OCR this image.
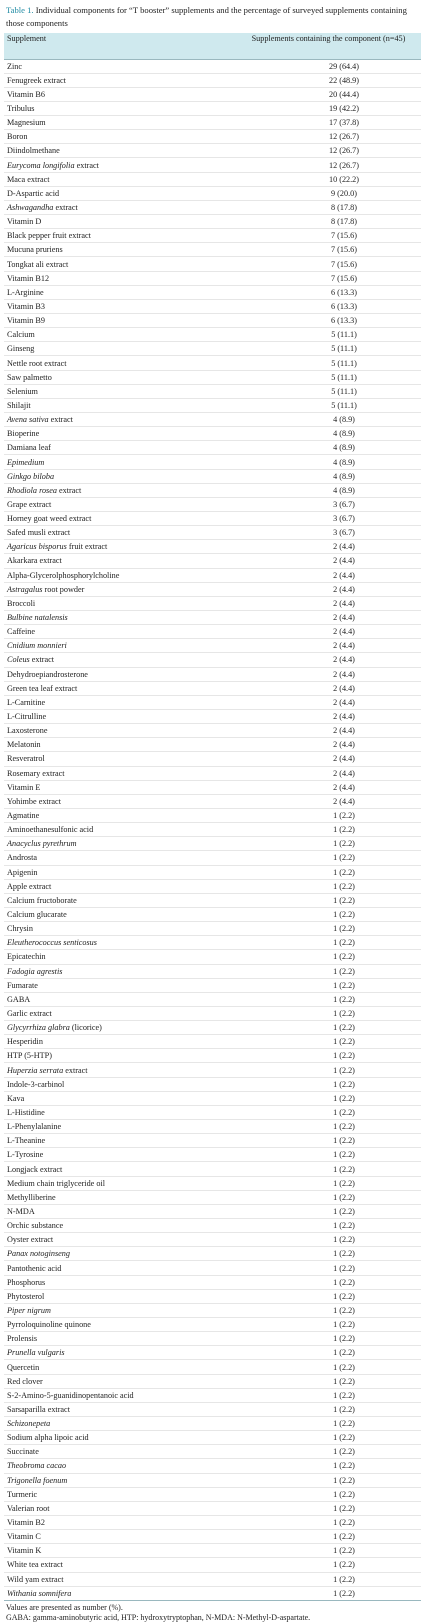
Table 1. Individual components for “T booster” supplements and the percentage of surveyed supplements containing those components

Supplement	Supplements containing the component (n=45)
Zinc	29 (64.4)
Fenugreek extract	22 (48.9)
Vitamin B6	20 (44.4)
Tribulus	19 (42.2)
Magnesium	17 (37.8)
Boron	12 (26.7)
Diindolmethane	12 (26.7)
Eurycoma longifolia extract	12 (26.7)
Maca extract	10 (22.2)
D-Aspartic acid	9 (20.0)
Ashwagandha extract	8 (17.8)
Vitamin D	8 (17.8)
Black pepper fruit extract	7 (15.6)
Mucuna pruriens	7 (15.6)
Tongkat ali extract	7 (15.6)
Vitamin B12	7 (15.6)
L-Arginine	6 (13.3)
Vitamin B3	6 (13.3)
Vitamin B9	6 (13.3)
Calcium	5 (11.1)
Ginseng	5 (11.1)
Nettle root extract	5 (11.1)
Saw palmetto	5 (11.1)
Selenium	5 (11.1)
Shilajit	5 (11.1)
Avena sativa extract	4 (8.9)
Bioperine	4 (8.9)
Damiana leaf	4 (8.9)
Epimedium	4 (8.9)
Ginkgo biloba	4 (8.9)
Rhodiola rosea extract	4 (8.9)
Grape extract	3 (6.7)
Horney goat weed extract	3 (6.7)
Safed musli extract	3 (6.7)
Agaricus bisporus fruit extract	2 (4.4)
Akarkara extract	2 (4.4)
Alpha-Glycerolphosphorylcholine	2 (4.4)
Astragalus root powder	2 (4.4)
Broccoli	2 (4.4)
Bulbine natalensis	2 (4.4)
Caffeine	2 (4.4)
Cnidium monnieri	2 (4.4)
Coleus extract	2 (4.4)
Dehydroepiandrosterone	2 (4.4)
Green tea leaf extract	2 (4.4)
L-Carnitine	2 (4.4)
L-Citrulline	2 (4.4)
Laxosterone	2 (4.4)
Melatonin	2 (4.4)
Resveratrol	2 (4.4)
Rosemary extract	2 (4.4)
Vitamin E	2 (4.4)
Yohimbe extract	2 (4.4)
Agmatine	1 (2.2)
Aminoethanesulfonic acid	1 (2.2)
Anacyclus pyrethrum	1 (2.2)
Androsta	1 (2.2)
Apigenin	1 (2.2)
Apple extract	1 (2.2)
Calcium fructoborate	1 (2.2)
Calcium glucarate	1 (2.2)
Chrysin	1 (2.2)
Eleutherococcus senticosus	1 (2.2)
Epicatechin	1 (2.2)
Fadogia agrestis	1 (2.2)
Fumarate	1 (2.2)
GABA	1 (2.2)
Garlic extract	1 (2.2)
Glycyrrhiza glabra (licorice)	1 (2.2)
Hesperidin	1 (2.2)
HTP (5-HTP)	1 (2.2)
Huperzia serrata extract	1 (2.2)
Indole-3-carbinol	1 (2.2)
Kava	1 (2.2)
L-Histidine	1 (2.2)
L-Phenylalanine	1 (2.2)
L-Theanine	1 (2.2)
L-Tyrosine	1 (2.2)
Longjack extract	1 (2.2)
Medium chain triglyceride oil	1 (2.2)
Methylliberine	1 (2.2)
N-MDA	1 (2.2)
Orchic substance	1 (2.2)
Oyster extract	1 (2.2)
Panax notoginseng	1 (2.2)
Pantothenic acid	1 (2.2)
Phosphorus	1 (2.2)
Phytosterol	1 (2.2)
Piper nigrum	1 (2.2)
Pyrroloquinoline quinone	1 (2.2)
Prolensis	1 (2.2)
Prunella vulgaris	1 (2.2)
Quercetin	1 (2.2)
Red clover	1 (2.2)
S-2-Amino-5-guanidinopentanoic acid	1 (2.2)
Sarsaparilla extract	1 (2.2)
Schizonepeta	1 (2.2)
Sodium alpha lipoic acid	1 (2.2)
Succinate	1 (2.2)
Theobroma cacao	1 (2.2)
Trigonella foenum	1 (2.2)
Turmeric	1 (2.2)
Valerian root	1 (2.2)
Vitamin B2	1 (2.2)
Vitamin C	1 (2.2)
Vitamin K	1 (2.2)
White tea extract	1 (2.2)
Wild yam extract	1 (2.2)
Withania somnifera	1 (2.2)
Values are presented as number (%).
GABA: gamma-aminobutyric acid, HTP: hydroxytryptophan, N-MDA: N-Methyl-D-aspartate.
